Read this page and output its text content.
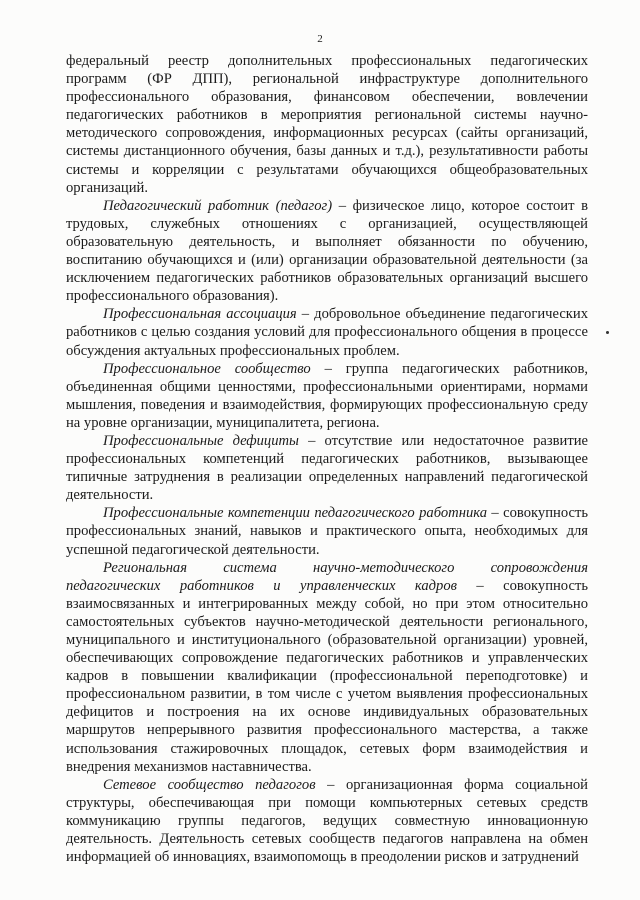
2

федеральный реестр дополнительных профессиональных педагогических программ (ФР ДПП), региональной инфраструктуре дополнительного профессионального образования, финансовом обеспечении, вовлечении педагогических работников в мероприятия региональной системы научно-методического сопровождения, информационных ресурсах (сайты организаций, системы дистанционного обучения, базы данных и т.д.), результативности работы системы и корреляции с результатами обучающихся общеобразовательных организаций.

Педагогический работник (педагог) – физическое лицо, которое состоит в трудовых, служебных отношениях с организацией, осуществляющей образовательную деятельность, и выполняет обязанности по обучению, воспитанию обучающихся и (или) организации образовательной деятельности (за исключением педагогических работников образовательных организаций высшего профессионального образования).

Профессиональная ассоциация – добровольное объединение педагогических работников с целью создания условий для профессионального общения в процессе обсуждения актуальных профессиональных проблем.

Профессиональное сообщество – группа педагогических работников, объединенная общими ценностями, профессиональными ориентирами, нормами мышления, поведения и взаимодействия, формирующих профессиональную среду на уровне организации, муниципалитета, региона.

Профессиональные дефициты – отсутствие или недостаточное развитие профессиональных компетенций педагогических работников, вызывающее типичные затруднения в реализации определенных направлений педагогической деятельности.

Профессиональные компетенции педагогического работника – совокупность профессиональных знаний, навыков и практического опыта, необходимых для успешной педагогической деятельности.

Региональная система научно-методического сопровождения педагогических работников и управленческих кадров – совокупность взаимосвязанных и интегрированных между собой, но при этом относительно самостоятельных субъектов научно-методической деятельности регионального, муниципального и институционального (образовательной организации) уровней, обеспечивающих сопровождение педагогических работников и управленческих кадров в повышении квалификации (профессиональной переподготовке) и профессиональном развитии, в том числе с учетом выявления профессиональных дефицитов и построения на их основе индивидуальных образовательных маршрутов непрерывного развития профессионального мастерства, а также использования стажировочных площадок, сетевых форм взаимодействия и внедрения механизмов наставничества.

Сетевое сообщество педагогов – организационная форма социальной структуры, обеспечивающая при помощи компьютерных сетевых средств коммуникацию группы педагогов, ведущих совместную инновационную деятельность. Деятельность сетевых сообществ педагогов направлена на обмен информацией об инновациях, взаимопомощь в преодолении рисков и затруднений
